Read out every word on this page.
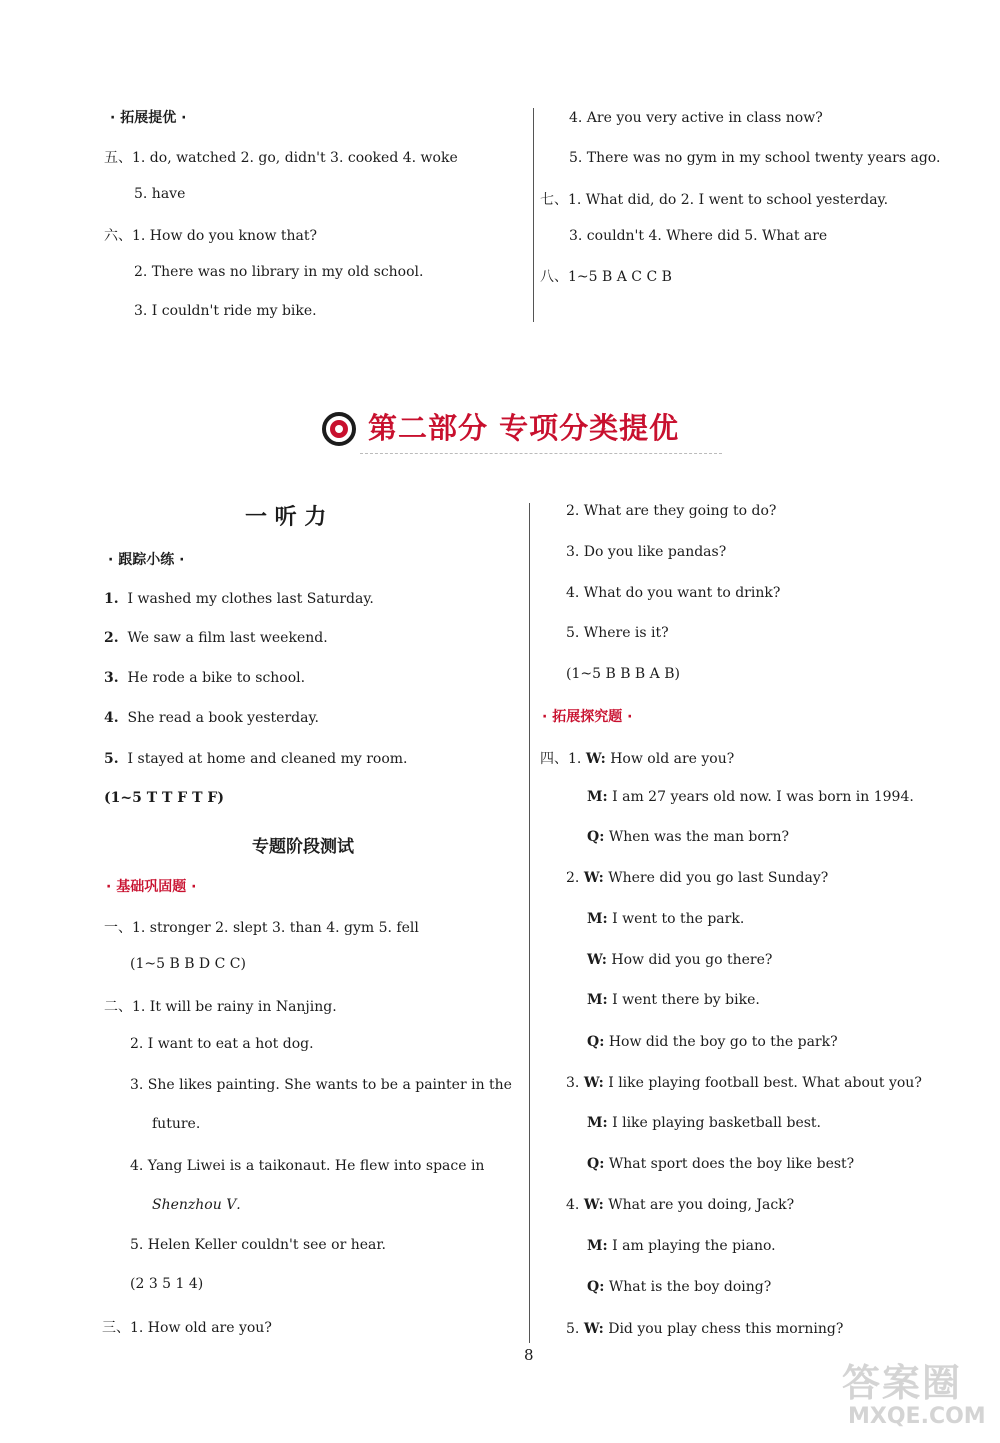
· 拓展提优 ·
五、1. do, watched 2. go, didn't 3. cooked 4. woke
5. have
六、1. How do you know that?
2. There was no library in my old school.
3. I couldn't ride my bike.
4. Are you very active in class now?
5. There was no gym in my school twenty years ago.
七、1. What did, do 2. I went to school yesterday.
3. couldn't 4. Where did 5. What are
八、1~5 B A C C B
第二部分 专项分类提优
一 听 力
· 跟踪小练 ·
1. I washed my clothes last Saturday.
2. We saw a film last weekend.
3. He rode a bike to school.
4. She read a book yesterday.
5. I stayed at home and cleaned my room.
(1~5 T T F T F)
专题阶段测试
· 基础巩固题 ·
一、1. stronger 2. slept 3. than 4. gym 5. fell
(1~5 B B D C C)
二、1. It will be rainy in Nanjing.
2. I want to eat a hot dog.
3. She likes painting. She wants to be a painter in the
future.
4. Yang Liwei is a taikonaut. He flew into space in
Shenzhou Ⅴ.
5. Helen Keller couldn't see or hear.
(2 3 5 1 4)
三、1. How old are you?
2. What are they going to do?
3. Do you like pandas?
4. What do you want to drink?
5. Where is it?
(1~5 B B B A B)
· 拓展探究题 ·
四、1. W: How old are you?
M: I am 27 years old now. I was born in 1994.
Q: When was the man born?
2. W: Where did you go last Sunday?
M: I went to the park.
W: How did you go there?
M: I went there by bike.
Q: How did the boy go to the park?
3. W: I like playing football best. What about you?
M: I like playing basketball best.
Q: What sport does the boy like best?
4. W: What are you doing, Jack?
M: I am playing the piano.
Q: What is the boy doing?
5. W: Did you play chess this morning?
8
答案圈
MXQE.COM
